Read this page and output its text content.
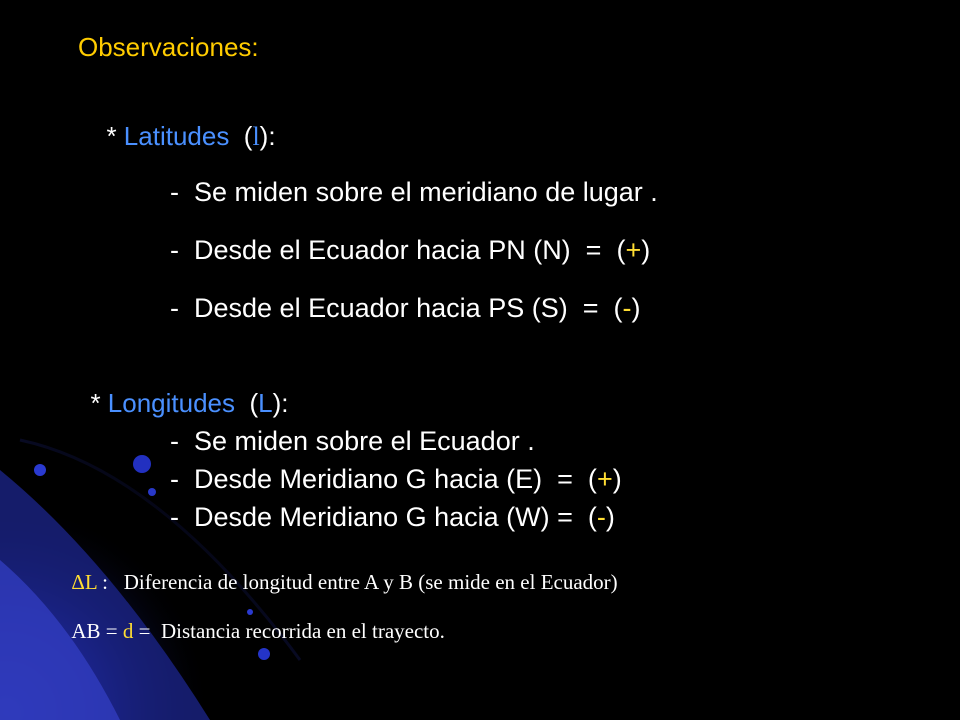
Observaciones:

* Latitudes  (l):

-  Se miden sobre el meridiano de lugar .

-  Desde el Ecuador hacia PN (N)  =  (+)

-  Desde el Ecuador hacia PS (S)  =  (-)

* Longitudes  (L):

-  Se miden sobre el Ecuador .

-  Desde Meridiano G hacia (E)  =  (+)

-  Desde Meridiano G hacia (W) =  (-)

ΔL :   Diferencia de longitud entre A y B (se mide en el Ecuador)

AB = d =  Distancia recorrida en el trayecto.
